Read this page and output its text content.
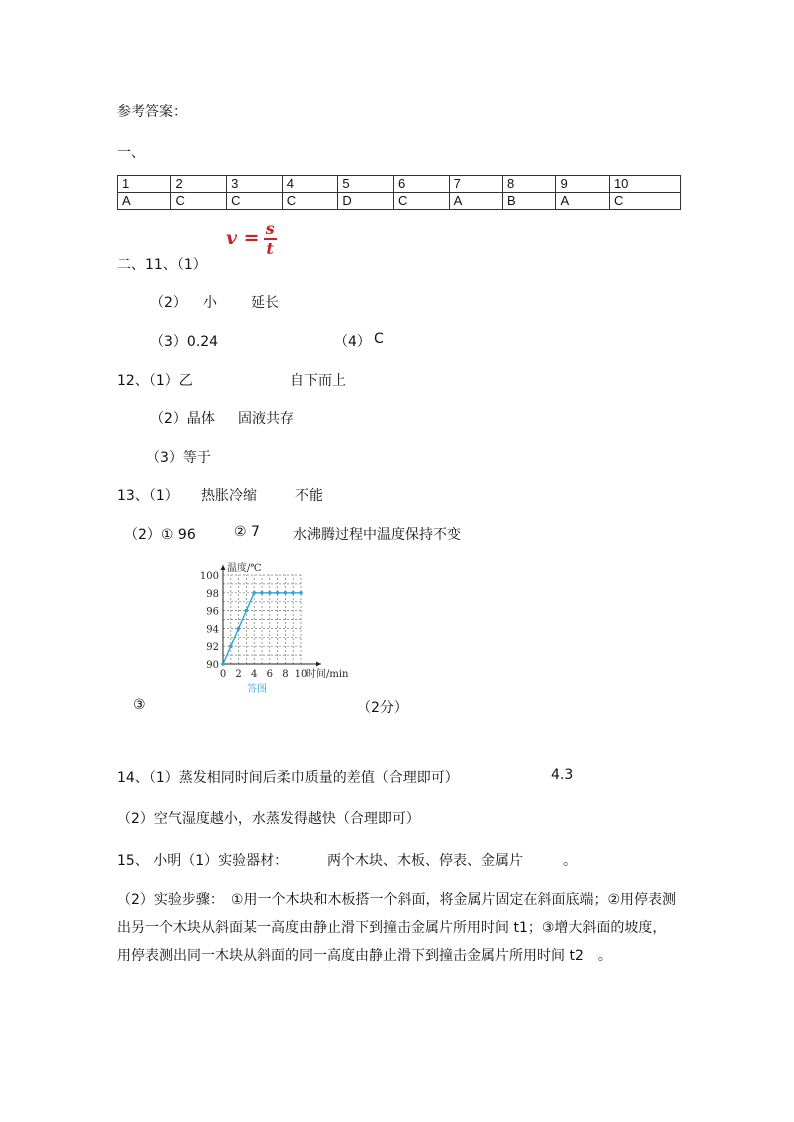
参考答案：
一、
1	2	3	4	5	6	7	8	9	10
A	C	C	C	D	C	A	B	A	C
$v = \frac{s}{t}$
二、11、（1）
（2） 小 延长
（3）0.24	（4） C
12、（1）乙	自下而上
（2）晶体 固液共存
（3）等于
13、（1） 热胀冷缩	不能
（2）① 96	② 7 水沸腾过程中温度保持不变
0 2 4 6 8 10
90
92
94
96
98
100
温度/℃
时间/min
答图
③	（2分）
14、（1）蒸发相同时间后柔巾质量的差值（合理即可）	4.3
（2）空气湿度越小，水蒸发得越快（合理即可）
15、 小明（1）实验器材：	两个木块、木板、停表、金属片	。
（2）实验步骤：　①用一个木块和木板搭一个斜面，将金属片固定在斜面底端；②用停表测出另一个木块从斜面某一高度由静止滑下到撞击金属片所用时间 t1；③增大斜面的坡度，用停表测出同一木块从斜面的同一高度由静止滑下到撞击金属片所用时间 t2　。
